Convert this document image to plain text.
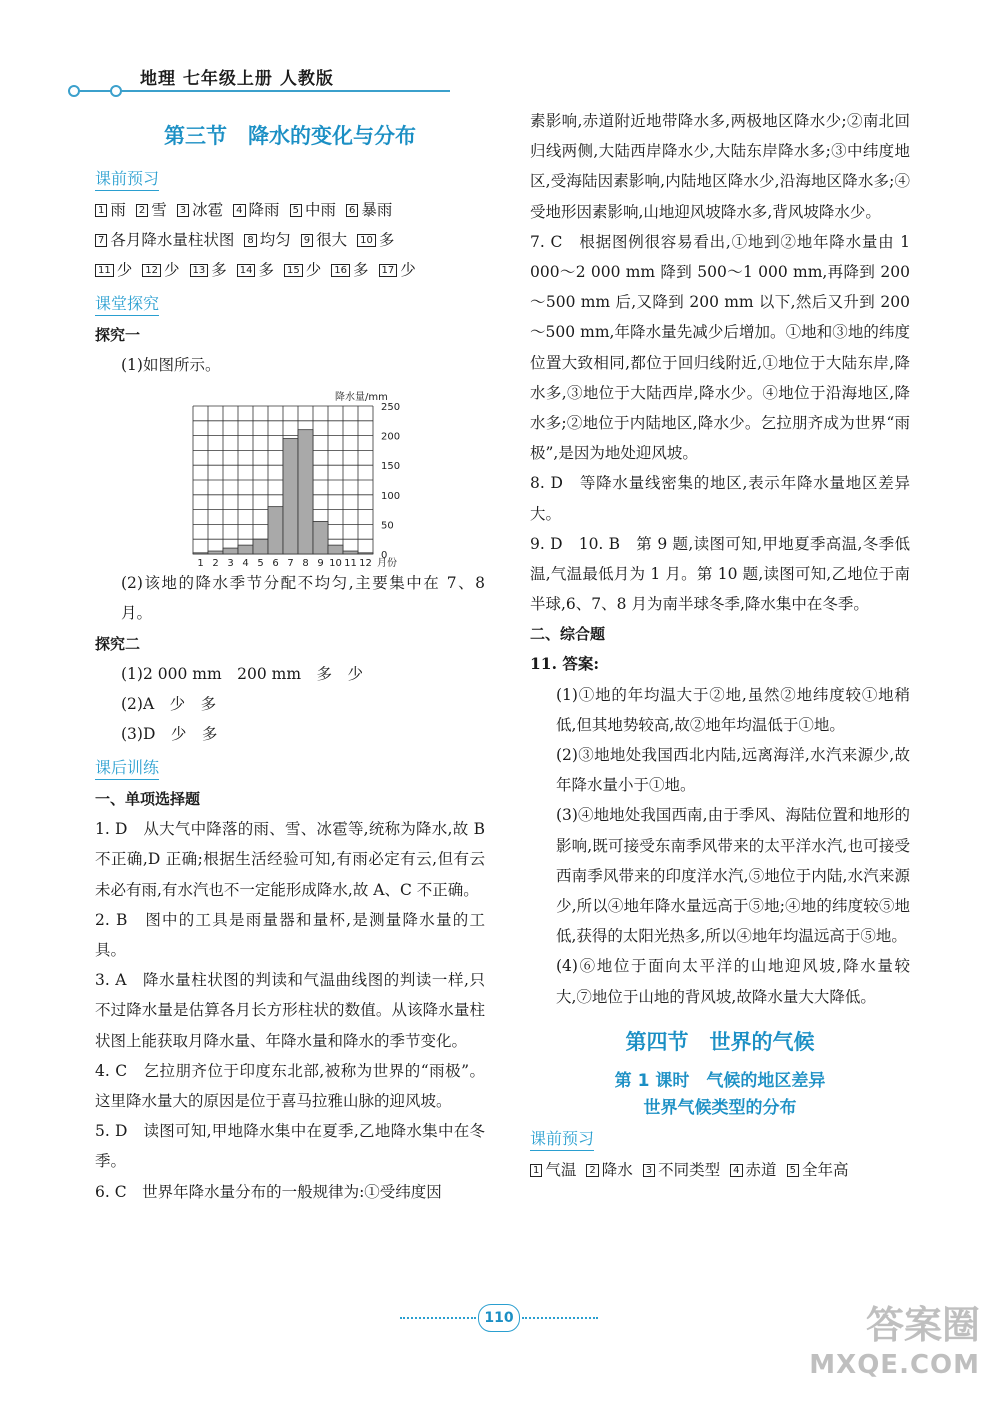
地理 七年级上册 人教版
第三节　降水的变化与分布
课前预习
1 雨 2 雪 3 冰雹 4 降雨 5 中雨 6 暴雨
7 各月降水量柱状图 8 均匀 9 很大 10 多
11 少 12 少 13 多 14 多 15 少 16 多 17 少
课堂探究
探究一

(1)如图所示。

0
50
100
150
200
250
降水量/mm
1 2 3 4 5 6 7 8 9 10 11 12 月份

(2)该地的降水季节分配不均匀,主要集中在 7、8 月。

探究二

(1)2 000 mm　200 mm　多　少

(2)A　少　多

(3)D　少　多

课后训练
一、单项选择题

1. D　从大气中降落的雨、雪、冰雹等,统称为降水,故 B 不正确,D 正确;根据生活经验可知,有雨必定有云,但有云未必有雨,有水汽也不一定能形成降水,故 A、C 不正确。

2. B　图中的工具是雨量器和量杯,是测量降水量的工具。

3. A　降水量柱状图的判读和气温曲线图的判读一样,只不过降水量是估算各月长方形柱状的数值。从该降水量柱状图上能获取月降水量、年降水量和降水的季节变化。

4. C　乞拉朋齐位于印度东北部,被称为世界的“雨极”。这里降水量大的原因是位于喜马拉雅山脉的迎风坡。

5. D　读图可知,甲地降水集中在夏季,乙地降水集中在冬季。

6. C　世界年降水量分布的一般规律为:①受纬度因

素影响,赤道附近地带降水多,两极地区降水少;②南北回归线两侧,大陆西岸降水少,大陆东岸降水多;③中纬度地区,受海陆因素影响,内陆地区降水少,沿海地区降水多;④受地形因素影响,山地迎风坡降水多,背风坡降水少。

7. C　根据图例很容易看出,①地到②地年降水量由 1 000～2 000 mm 降到 500～1 000 mm,再降到 200～500 mm 后,又降到 200 mm 以下,然后又升到 200～500 mm,年降水量先减少后增加。①地和③地的纬度位置大致相同,都位于回归线附近,①地位于大陆东岸,降水多,③地位于大陆西岸,降水少。④地位于沿海地区,降水多;②地位于内陆地区,降水少。乞拉朋齐成为世界“雨极”,是因为地处迎风坡。

8. D　等降水量线密集的地区,表示年降水量地区差异大。

9. D　10. B　第 9 题,读图可知,甲地夏季高温,冬季低温,气温最低月为 1 月。第 10 题,读图可知,乙地位于南半球,6、7、8 月为南半球冬季,降水集中在冬季。

二、综合题

11. 答案:

(1)①地的年均温大于②地,虽然②地纬度较①地稍低,但其地势较高,故②地年均温低于①地。

(2)③地地处我国西北内陆,远离海洋,水汽来源少,故年降水量小于①地。

(3)④地地处我国西南,由于季风、海陆位置和地形的影响,既可接受东南季风带来的太平洋水汽,也可接受西南季风带来的印度洋水汽,⑤地位于内陆,水汽来源少,所以④地年降水量远高于⑤地;④地的纬度较⑤地低,获得的太阳光热多,所以④地年均温远高于⑤地。

(4)⑥地位于面向太平洋的山地迎风坡,降水量较大,⑦地位于山地的背风坡,故降水量大大降低。

第四节　世界的气候
第 1 课时　气候的地区差异
世界气候类型的分布
课前预习
1 气温 2 降水 3 不同类型 4 赤道 5 全年高
110	答案圈
MXQE.COM
